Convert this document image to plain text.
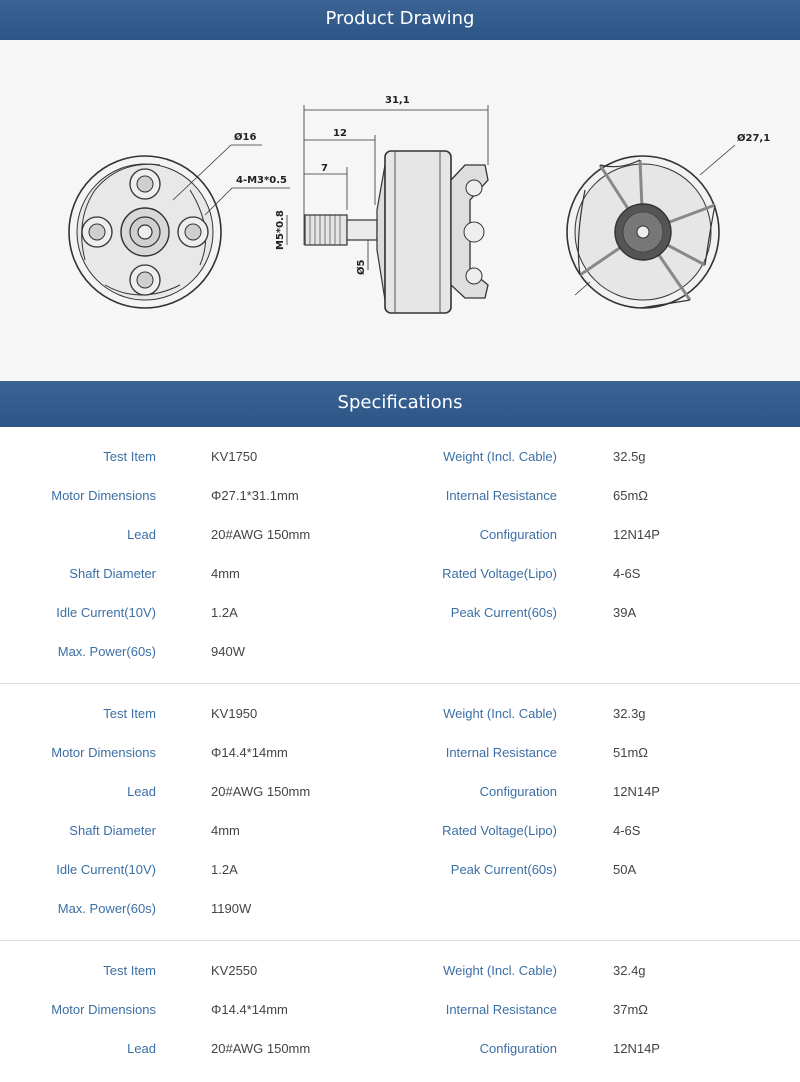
Product Drawing
Ø16
4-M3*0.5
31,1
12
7
M5*0.8
Ø5
Ø27,1
Specifications
Test Item	KV1750	Weight (Incl. Cable)	32.5g
Motor Dimensions	Φ27.1*31.1mm	Internal Resistance	65mΩ
Lead	20#AWG 150mm	Configuration	12N14P
Shaft Diameter	4mm	Rated Voltage(Lipo)	4-6S
Idle Current(10V)	1.2A	Peak Current(60s)	39A
Max. Power(60s)	940W
Test Item	KV1950	Weight (Incl. Cable)	32.3g
Motor Dimensions	Φ14.4*14mm	Internal Resistance	51mΩ
Lead	20#AWG 150mm	Configuration	12N14P
Shaft Diameter	4mm	Rated Voltage(Lipo)	4-6S
Idle Current(10V)	1.2A	Peak Current(60s)	50A
Max. Power(60s)	1190W
Test Item	KV2550	Weight (Incl. Cable)	32.4g
Motor Dimensions	Φ14.4*14mm	Internal Resistance	37mΩ
Lead	20#AWG 150mm	Configuration	12N14P
